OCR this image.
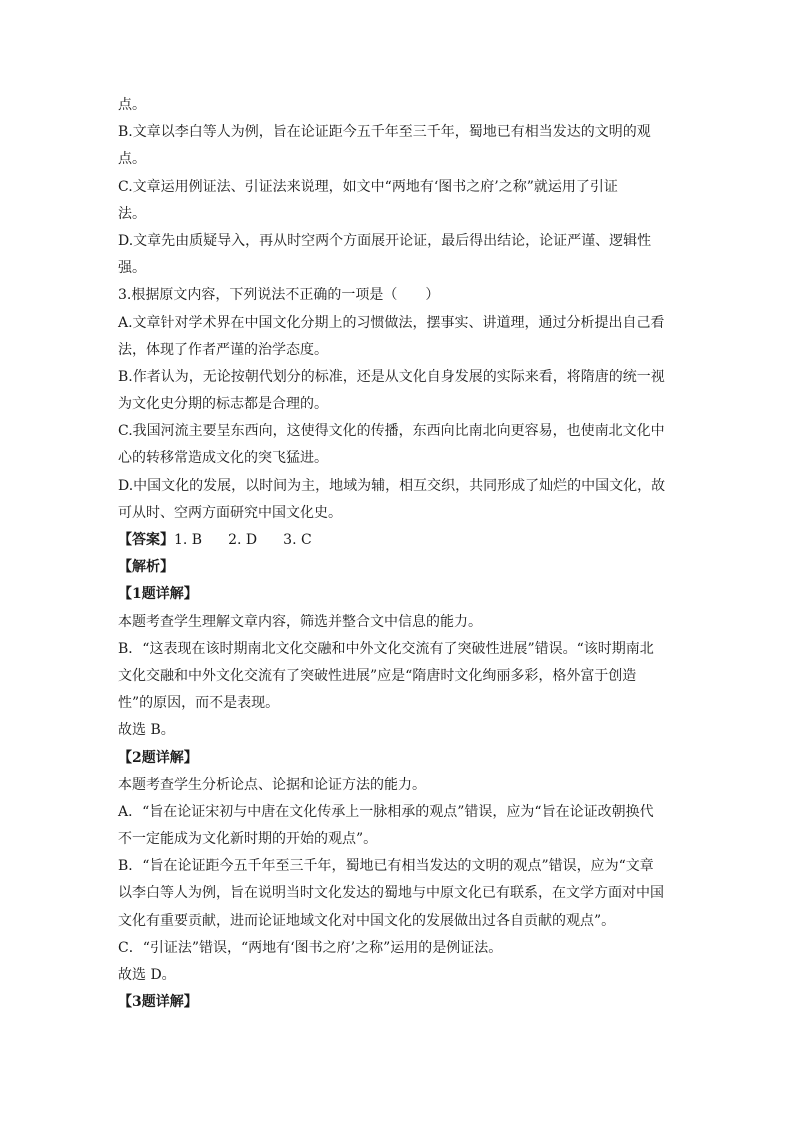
点。
B.文章以李白等人为例，旨在论证距今五千年至三千年，蜀地已有相当发达的文明的观
点。
C.文章运用例证法、引证法来说理，如文中“两地有‘图书之府’之称”就运用了引证
法。
D.文章先由质疑导入，再从时空两个方面展开论证，最后得出结论，论证严谨、逻辑性
强。
3.根据原文内容，下列说法不正确的一项是（　　）
A.文章针对学术界在中国文化分期上的习惯做法，摆事实、讲道理，通过分析提出自己看
法，体现了作者严谨的治学态度。
B.作者认为，无论按朝代划分的标准，还是从文化自身发展的实际来看，将隋唐的统一视
为文化史分期的标志都是合理的。
C.我国河流主要呈东西向，这使得文化的传播，东西向比南北向更容易，也使南北文化中
心的转移常造成文化的突飞猛进。
D.中国文化的发展，以时间为主，地域为辅，相互交织，共同形成了灿烂的中国文化，故
可从时、空两方面研究中国文化史。
【答案】1. B 2. D 3. C
【解析】
【1题详解】
本题考查学生理解文章内容，筛选并整合文中信息的能力。
B．“这表现在该时期南北文化交融和中外文化交流有了突破性进展”错误。“该时期南北
文化交融和中外文化交流有了突破性进展”应是“隋唐时文化绚丽多彩，格外富于创造
性”的原因，而不是表现。
故选 B。
【2题详解】
本题考查学生分析论点、论据和论证方法的能力。
A．“旨在论证宋初与中唐在文化传承上一脉相承的观点”错误，应为“旨在论证改朝换代
不一定能成为文化新时期的开始的观点”。
B．“旨在论证距今五千年至三千年，蜀地已有相当发达的文明的观点”错误，应为“文章
以李白等人为例，旨在说明当时文化发达的蜀地与中原文化已有联系，在文学方面对中国
文化有重要贡献，进而论证地域文化对中国文化的发展做出过各自贡献的观点”。
C．“引证法”错误，“两地有‘图书之府’之称”运用的是例证法。
故选 D。
【3题详解】
